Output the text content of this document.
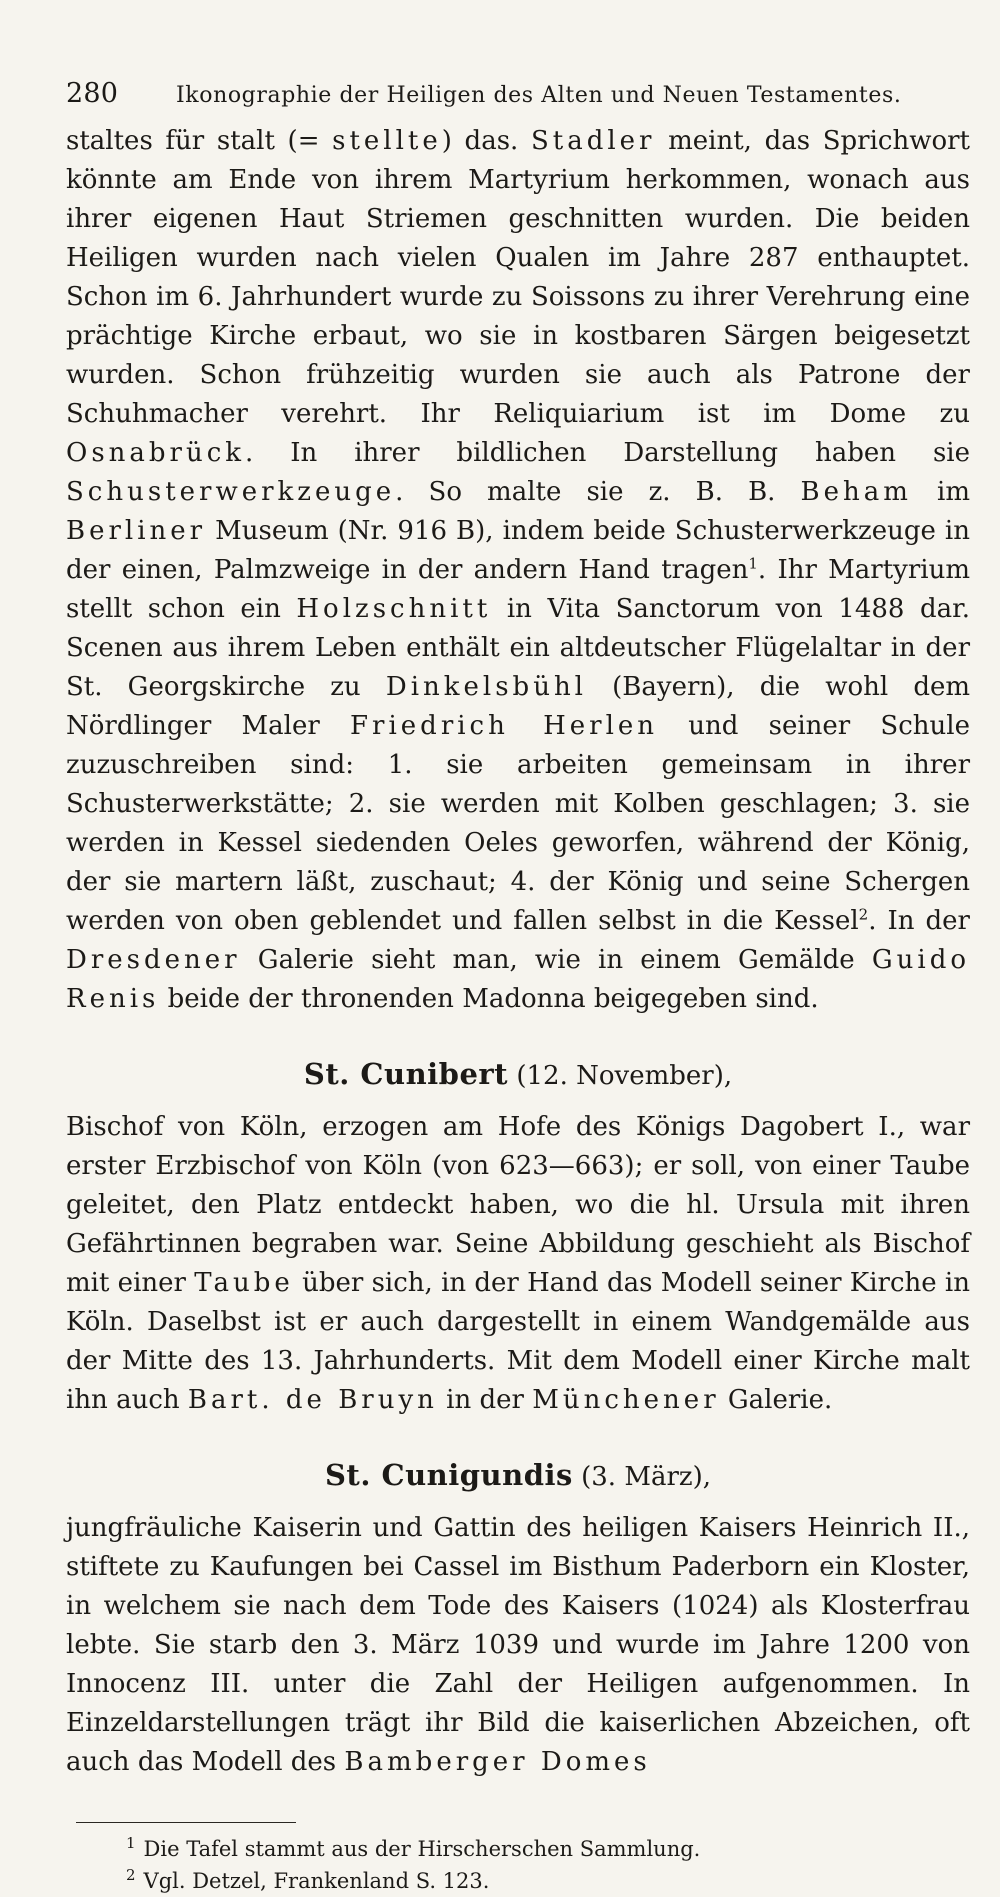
280	Ikonographie der Heiligen des Alten und Neuen Testamentes.

staltes für stalt (= stellte) das. Stadler meint, das Sprichwort könnte am Ende von ihrem Martyrium herkommen, wonach aus ihrer eigenen Haut Striemen geschnitten wurden. Die beiden Heiligen wurden nach vielen Qualen im Jahre 287 enthauptet. Schon im 6. Jahrhundert wurde zu Soissons zu ihrer Verehrung eine prächtige Kirche erbaut, wo sie in kostbaren Särgen beigesetzt wurden. Schon frühzeitig wurden sie auch als Patrone der Schuhmacher verehrt. Ihr Reliquiarium ist im Dome zu Osnabrück. In ihrer bildlichen Darstellung haben sie Schusterwerkzeuge. So malte sie z. B. B. Beham im Berliner Museum (Nr. 916 B), indem beide Schusterwerkzeuge in der einen, Palmzweige in der andern Hand tragen$^1$. Ihr Martyrium stellt schon ein Holzschnitt in Vita Sanctorum von 1488 dar. Scenen aus ihrem Leben enthält ein altdeutscher Flügelaltar in der St. Georgskirche zu Dinkelsbühl (Bayern), die wohl dem Nördlinger Maler Friedrich Herlen und seiner Schule zuzuschreiben sind: 1. sie arbeiten gemeinsam in ihrer Schusterwerkstätte; 2. sie werden mit Kolben geschlagen; 3. sie werden in Kessel siedenden Oeles geworfen, während der König, der sie martern läßt, zuschaut; 4. der König und seine Schergen werden von oben geblendet und fallen selbst in die Kessel$^2$. In der Dresdener Galerie sieht man, wie in einem Gemälde Guido Renis beide der thronenden Madonna beigegeben sind.

St. Cunibert (12. November),

Bischof von Köln, erzogen am Hofe des Königs Dagobert I., war erster Erzbischof von Köln (von 623—663); er soll, von einer Taube geleitet, den Platz entdeckt haben, wo die hl. Ursula mit ihren Gefährtinnen begraben war. Seine Abbildung geschieht als Bischof mit einer Taube über sich, in der Hand das Modell seiner Kirche in Köln. Daselbst ist er auch dargestellt in einem Wandgemälde aus der Mitte des 13. Jahrhunderts. Mit dem Modell einer Kirche malt ihn auch Bart. de Bruyn in der Münchener Galerie.

St. Cunigundis (3. März),

jungfräuliche Kaiserin und Gattin des heiligen Kaisers Heinrich II., stiftete zu Kaufungen bei Cassel im Bisthum Paderborn ein Kloster, in welchem sie nach dem Tode des Kaisers (1024) als Klosterfrau lebte. Sie starb den 3. März 1039 und wurde im Jahre 1200 von Innocenz III. unter die Zahl der Heiligen aufgenommen. In Einzeldarstellungen trägt ihr Bild die kaiserlichen Abzeichen, oft auch das Modell des Bamberger Domes

$^1$ Die Tafel stammt aus der Hirscherschen Sammlung.

$^2$ Vgl. Detzel, Frankenland S. 123.
